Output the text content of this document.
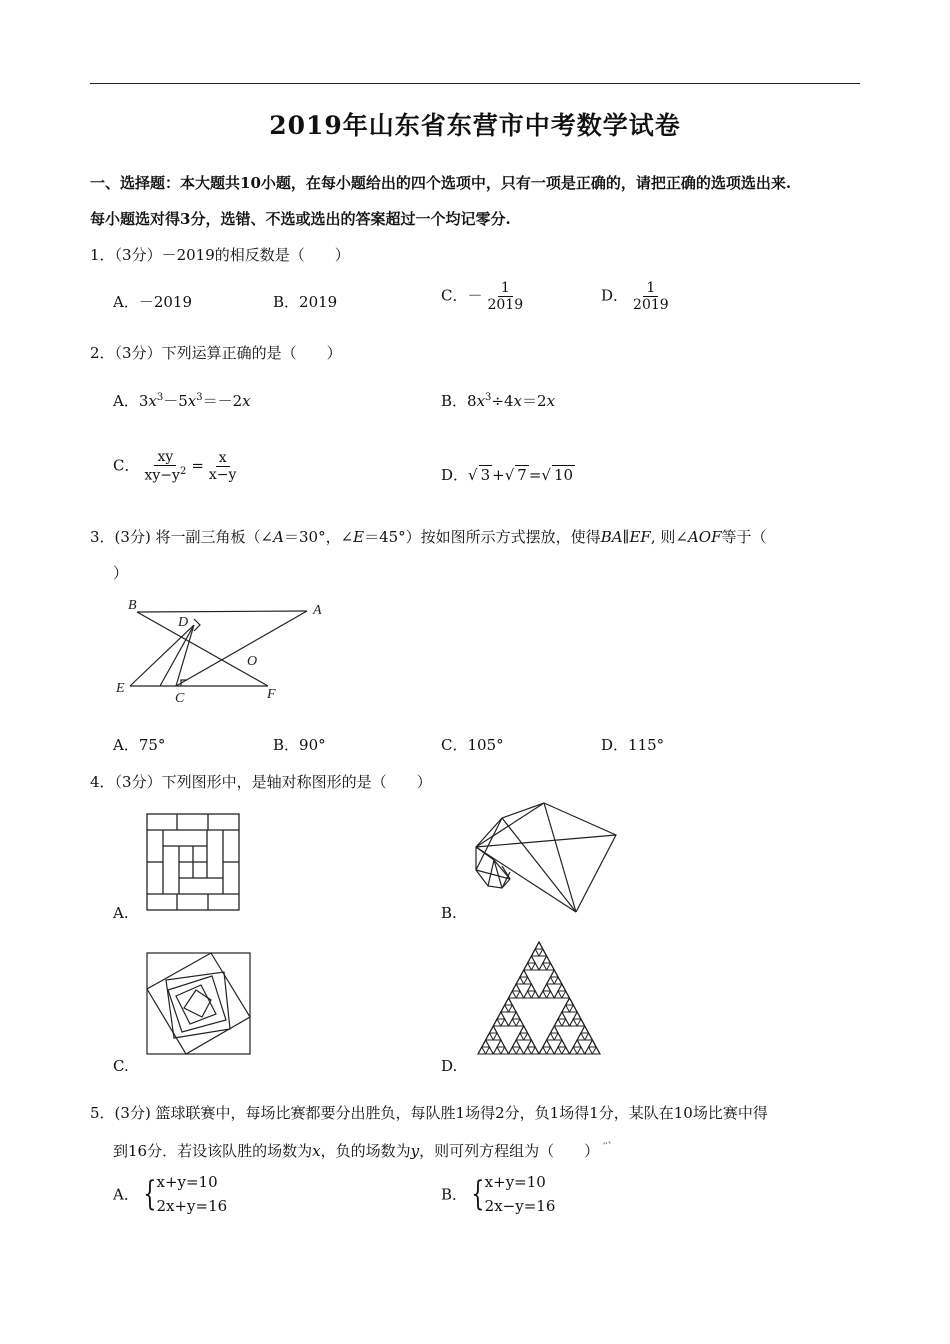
2019年山东省东营市中考数学试卷
一、选择题：本大题共10小题，在每小题给出的四个选项中，只有一项是正确的，请把正确的选项选出来.
每小题选对得3分，选错、不选或选出的答案超过一个均记零分.
1．（3分）－2019的相反数是（　　）
A．－2019	B．2019	C．－ $\frac{1}{2019}$	D． $\frac{1}{2019}$
2．（3分）下列运算正确的是（　　）
A．$3x^3-5x^3=-2x$	B．$8x^3\div 4x=2x$
C． $\frac{xy}{xy-y^2} = \frac{x}{x-y}$	D．√ 3 +√ 7 =√ 10
3．(3分) 将一副三角板（∠A＝30°，∠E＝45°）按如图所示方式摆放，使得BA∥EF, 则∠AOF等于（
）
B	A
D
O
E
C	F
A．75°	B．90°	C．105°	D．115°
4．（3分）下列图形中，是轴对称图形的是（　　）
A.	B.
C.	D.
5．(3分) 篮球联赛中，每场比赛都要分出胜负，每队胜1场得2分，负1场得1分，某队在10场比赛中得
到16分．若设该队胜的场数为x，负的场数为y，则可列方程组为（　　） ′′`
A． { x+y=10
2x+y=16
B． { x+y=10
2x−y=16
